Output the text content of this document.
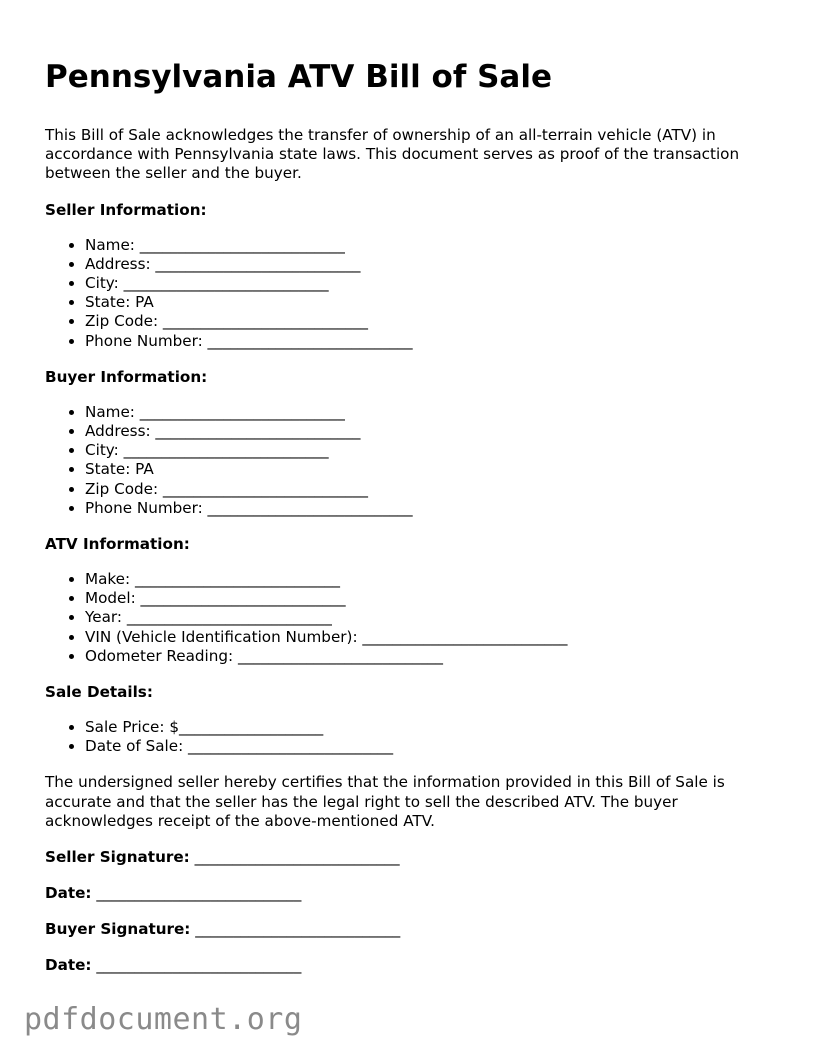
Pennsylvania ATV Bill of Sale

This Bill of Sale acknowledges the transfer of ownership of an all-terrain vehicle (ATV) in accordance with Pennsylvania state laws. This document serves as proof of the transaction between the seller and the buyer.

Seller Information:
• Name: ___________________________
• Address: ___________________________
• City: ___________________________
• State: PA
• Zip Code: ___________________________
• Phone Number: ___________________________
Buyer Information:
• Name: ___________________________
• Address: ___________________________
• City: ___________________________
• State: PA
• Zip Code: ___________________________
• Phone Number: ___________________________
ATV Information:
• Make: ___________________________
• Model: ___________________________
• Year: ___________________________
• VIN (Vehicle Identification Number): ___________________________
• Odometer Reading: ___________________________
Sale Details:
• Sale Price: $___________________
• Date of Sale: ___________________________

The undersigned seller hereby certifies that the information provided in this Bill of Sale is accurate and that the seller has the legal right to sell the described ATV. The buyer acknowledges receipt of the above-mentioned ATV.

Seller Signature: ___________________________
Date: ___________________________
Buyer Signature: ___________________________
Date: ___________________________
pdfdocument.org
